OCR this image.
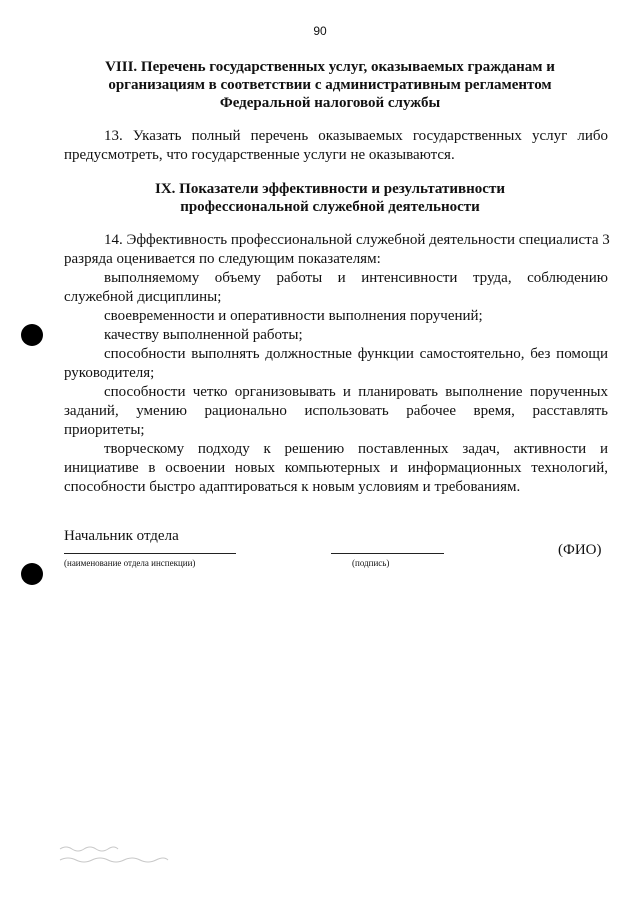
90
VIII. Перечень государственных услуг, оказываемых гражданам и
организациям в соответствии с административным регламентом
Федеральной налоговой службы
13. Указать полный перечень оказываемых государственных услуг либо
предусмотреть, что государственные услуги не оказываются.
IX. Показатели эффективности и результативности
профессиональной служебной деятельности
14. Эффективность профессиональной служебной деятельности специалиста 3
разряда оценивается по следующим показателям:
выполняемому объему работы и интенсивности труда, соблюдению
служебной дисциплины;
своевременности и оперативности выполнения поручений;
качеству выполненной работы;
способности выполнять должностные функции самостоятельно, без помощи
руководителя;
способности четко организовывать и планировать выполнение порученных
заданий, умению рационально использовать рабочее время, расставлять
приоритеты;
творческому подходу к решению поставленных задач, активности и
инициативе в освоении новых компьютерных и информационных технологий,
способности быстро адаптироваться к новым условиям и требованиям.
Начальник отдела
(наименование отдела инспекции)	(подпись)
(ФИО)
